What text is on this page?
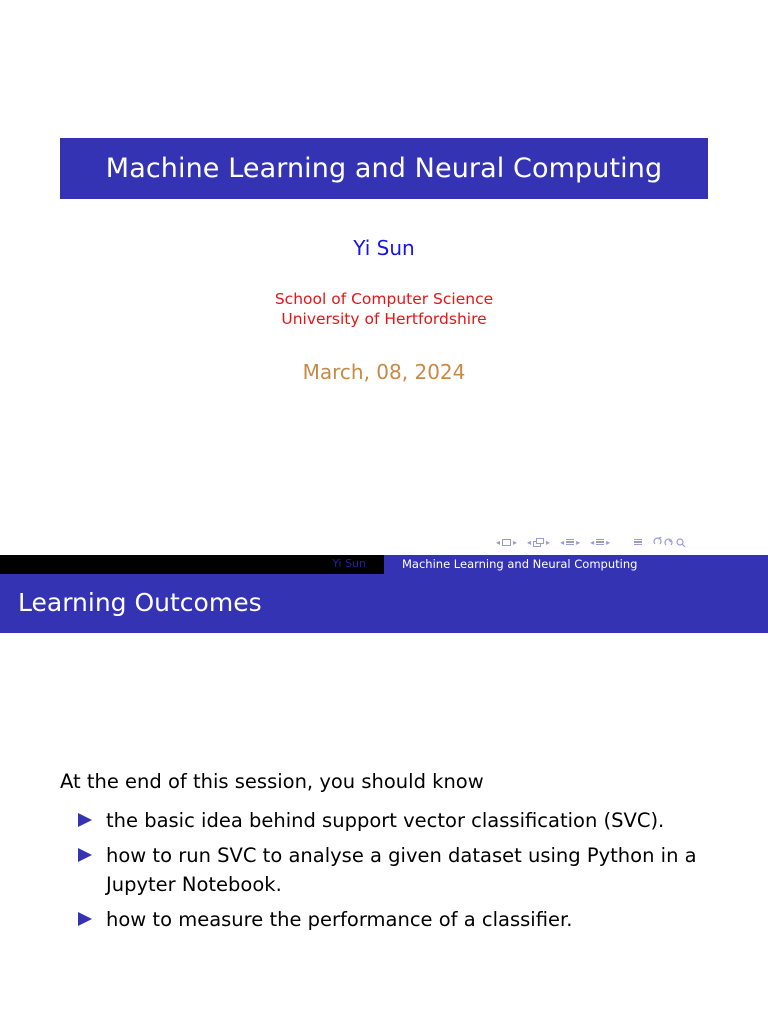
Machine Learning and Neural Computing
Yi Sun
School of Computer Science
University of Hertfordshire
March, 08, 2024
◂ ▸ ◂ ▸ ◂ ▸ ◂ ▸
Yi Sun	Machine Learning and Neural Computing
Learning Outcomes
At the end of this session, you should know
the basic idea behind support vector classification (SVC).
how to run SVC to analyse a given dataset using Python in a Jupyter Notebook.
how to measure the performance of a classifier.
